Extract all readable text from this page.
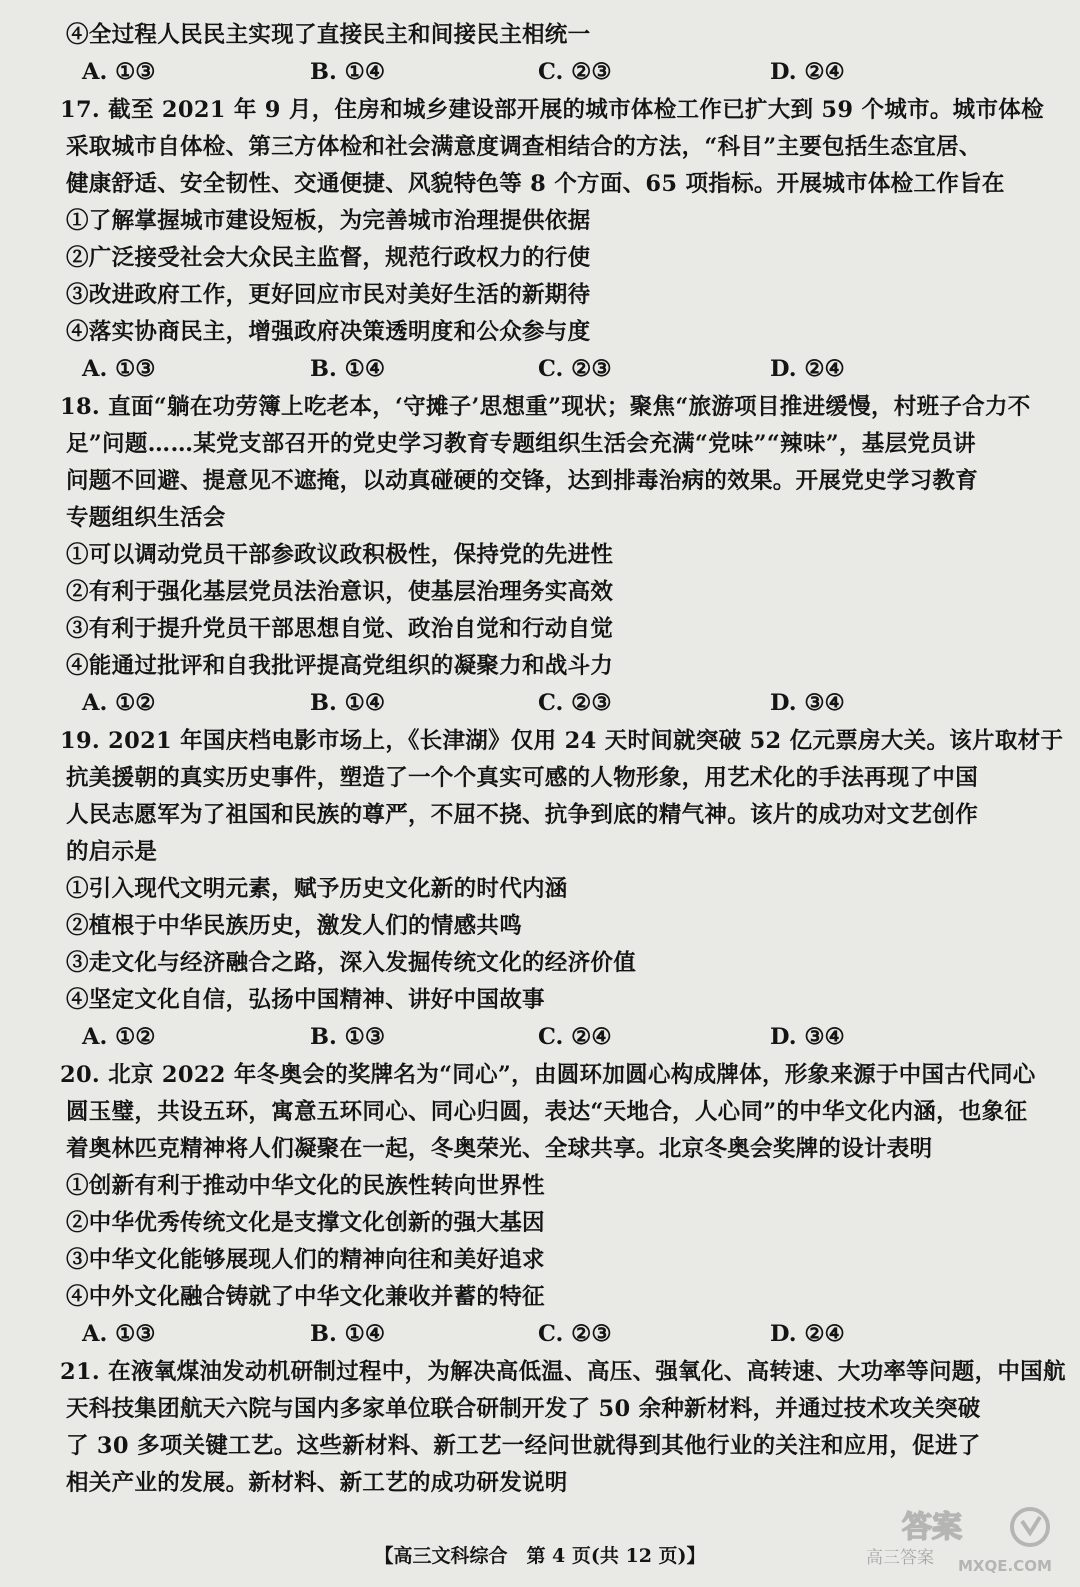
④全过程人民民主实现了直接民主和间接民主相统一
A. ①③	B. ①④	C. ②③	D. ②④
17. 截至 2021 年 9 月，住房和城乡建设部开展的城市体检工作已扩大到 59 个城市。城市体检
采取城市自体检、第三方体检和社会满意度调查相结合的方法，“科目”主要包括生态宜居、
健康舒适、安全韧性、交通便捷、风貌特色等 8 个方面、65 项指标。开展城市体检工作旨在
①了解掌握城市建设短板，为完善城市治理提供依据
②广泛接受社会大众民主监督，规范行政权力的行使
③改进政府工作，更好回应市民对美好生活的新期待
④落实协商民主，增强政府决策透明度和公众参与度
A. ①③	B. ①④	C. ②③	D. ②④
18. 直面“躺在功劳簿上吃老本，‘守摊子’思想重”现状；聚焦“旅游项目推进缓慢，村班子合力不
足”问题……某党支部召开的党史学习教育专题组织生活会充满“党味”“辣味”，基层党员讲
问题不回避、提意见不遮掩，以动真碰硬的交锋，达到排毒治病的效果。开展党史学习教育
专题组织生活会
①可以调动党员干部参政议政积极性，保持党的先进性
②有利于强化基层党员法治意识，使基层治理务实高效
③有利于提升党员干部思想自觉、政治自觉和行动自觉
④能通过批评和自我批评提高党组织的凝聚力和战斗力
A. ①②	B. ①④	C. ②③	D. ③④
19. 2021 年国庆档电影市场上，《长津湖》仅用 24 天时间就突破 52 亿元票房大关。该片取材于
抗美援朝的真实历史事件，塑造了一个个真实可感的人物形象，用艺术化的手法再现了中国
人民志愿军为了祖国和民族的尊严，不屈不挠、抗争到底的精气神。该片的成功对文艺创作
的启示是
①引入现代文明元素，赋予历史文化新的时代内涵
②植根于中华民族历史，激发人们的情感共鸣
③走文化与经济融合之路，深入发掘传统文化的经济价值
④坚定文化自信，弘扬中国精神、讲好中国故事
A. ①②	B. ①③	C. ②④	D. ③④
20. 北京 2022 年冬奥会的奖牌名为“同心”，由圆环加圆心构成牌体，形象来源于中国古代同心
圆玉璧，共设五环，寓意五环同心、同心归圆，表达“天地合，人心同”的中华文化内涵，也象征
着奥林匹克精神将人们凝聚在一起，冬奥荣光、全球共享。北京冬奥会奖牌的设计表明
①创新有利于推动中华文化的民族性转向世界性
②中华优秀传统文化是支撑文化创新的强大基因
③中华文化能够展现人们的精神向往和美好追求
④中外文化融合铸就了中华文化兼收并蓄的特征
A. ①③	B. ①④	C. ②③	D. ②④
21. 在液氧煤油发动机研制过程中，为解决高低温、高压、强氧化、高转速、大功率等问题，中国航
天科技集团航天六院与国内多家单位联合研制开发了 50 余种新材料，并通过技术攻关突破
了 30 多项关键工艺。这些新材料、新工艺一经问世就得到其他行业的关注和应用，促进了
相关产业的发展。新材料、新工艺的成功研发说明
【高三文科综合　第 4 页(共 12 页)】
答案
高三答案 MXQE.COM
